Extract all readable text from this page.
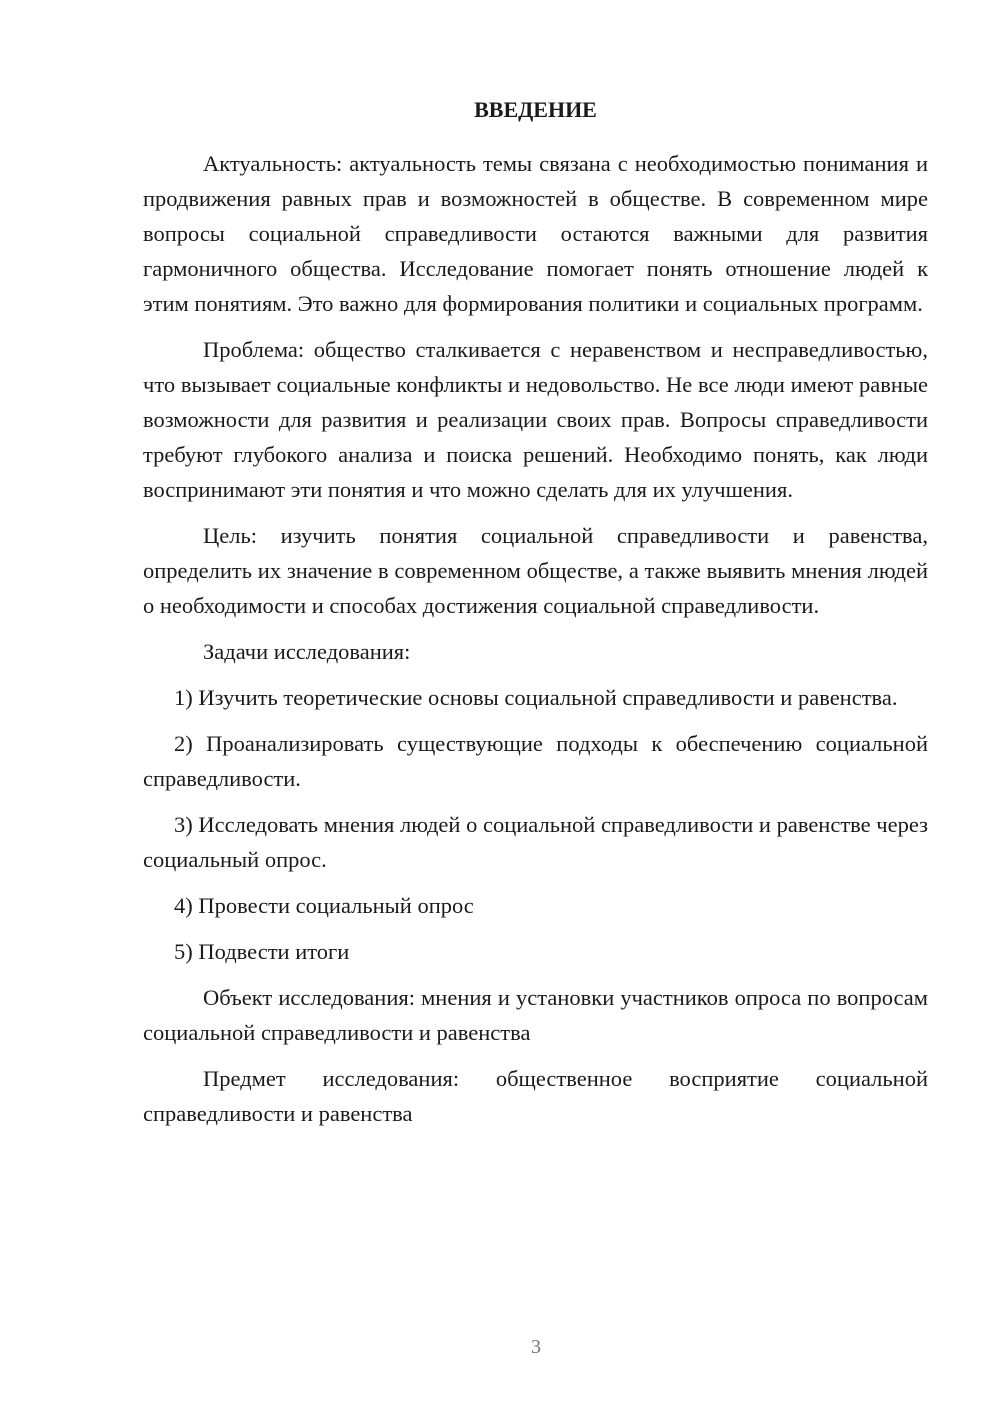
ВВЕДЕНИЕ

Актуальность: актуальность темы связана с необходимостью понимания и продвижения равных прав и возможностей в обществе. В современном мире вопросы социальной справедливости остаются важными для развития гармоничного общества. Исследование помогает понять отношение людей к этим понятиям. Это важно для формирования политики и социальных программ.

Проблема: общество сталкивается с неравенством и несправедливостью, что вызывает социальные конфликты и недовольство. Не все люди имеют равные возможности для развития и реализации своих прав. Вопросы справедливости требуют глубокого анализа и поиска решений. Необходимо понять, как люди воспринимают эти понятия и что можно сделать для их улучшения.

Цель: изучить понятия социальной справедливости и равенства, определить их значение в современном обществе, а также выявить мнения людей о необходимости и способах достижения социальной справедливости.

Задачи исследования:

1) Изучить теоретические основы социальной справедливости и равенства.

2) Проанализировать существующие подходы к обеспечению социальной справедливости.

3) Исследовать мнения людей о социальной справедливости и равенстве через социальный опрос.

4) Провести социальный опрос

5) Подвести итоги

Объект исследования: мнения и установки участников опроса по вопросам социальной справедливости и равенства

Предмет исследования: общественное восприятие социальной справедливости и равенства

3
